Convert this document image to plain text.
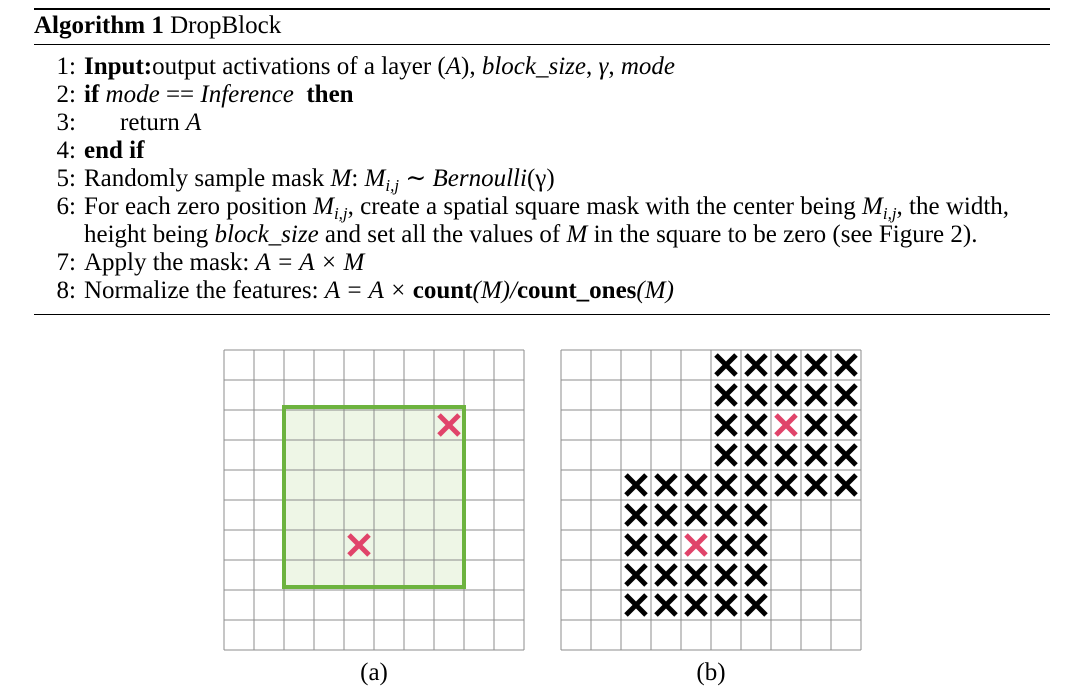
Algorithm 1 DropBlock
1: Input:output activations of a layer (A), block_size, γ, mode
2: if mode == Inference then
3: return A
4: end if
5: Randomly sample mask M: $M_{i,j}$ ∼ Bernoulli(γ)
6: For each zero position $M_{i,j}$, create a spatial square mask with the center being $M_{i,j}$, the width,
height being block_size and set all the values of M in the square to be zero (see Figure 2).
7: Apply the mask: A = A × M
8: Normalize the features: A = A × count(M)/count_ones(M)
(a)	(b)
